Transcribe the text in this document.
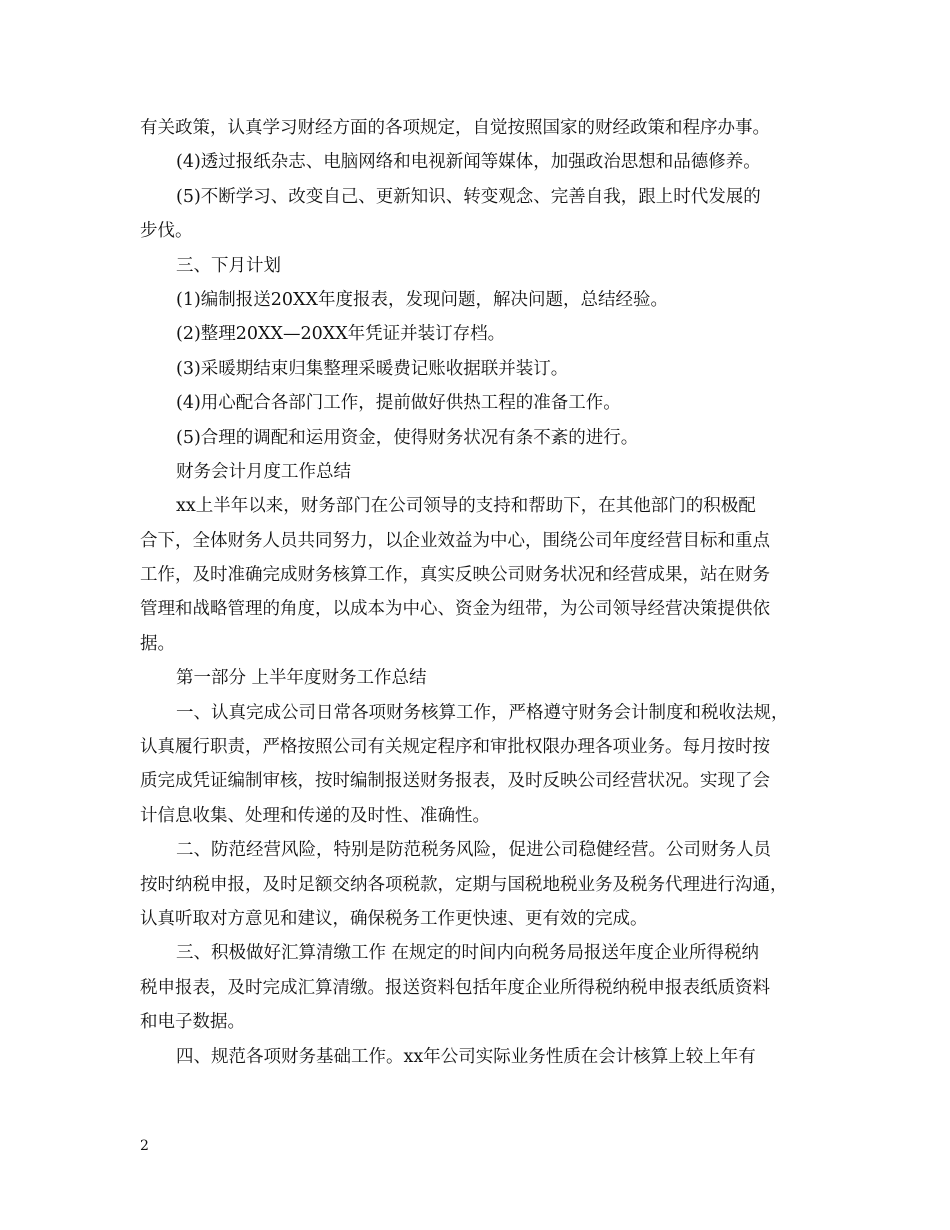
有关政策，认真学习财经方面的各项规定，自觉按照国家的财经政策和程序办事。
(4)透过报纸杂志、电脑网络和电视新闻等媒体，加强政治思想和品德修养。
(5)不断学习、改变自己、更新知识、转变观念、完善自我，跟上时代发展的
步伐。
三、下月计划
(1)编制报送20XX年度报表，发现问题，解决问题，总结经验。
(2)整理20XX—20XX年凭证并装订存档。
(3)采暖期结束归集整理采暖费记账收据联并装订。
(4)用心配合各部门工作，提前做好供热工程的准备工作。
(5)合理的调配和运用资金，使得财务状况有条不紊的进行。
财务会计月度工作总结
xx上半年以来，财务部门在公司领导的支持和帮助下，在其他部门的积极配
合下，全体财务人员共同努力，以企业效益为中心，围绕公司年度经营目标和重点
工作，及时准确完成财务核算工作，真实反映公司财务状况和经营成果，站在财务
管理和战略管理的角度，以成本为中心、资金为纽带，为公司领导经营决策提供依
据。
第一部分 上半年度财务工作总结
一、认真完成公司日常各项财务核算工作，严格遵守财务会计制度和税收法规，
认真履行职责，严格按照公司有关规定程序和审批权限办理各项业务。每月按时按
质完成凭证编制审核，按时编制报送财务报表，及时反映公司经营状况。实现了会
计信息收集、处理和传递的及时性、准确性。
二、防范经营风险，特别是防范税务风险，促进公司稳健经营。公司财务人员
按时纳税申报，及时足额交纳各项税款，定期与国税地税业务及税务代理进行沟通，
认真听取对方意见和建议，确保税务工作更快速、更有效的完成。
三、积极做好汇算清缴工作 在规定的时间内向税务局报送年度企业所得税纳
税申报表，及时完成汇算清缴。报送资料包括年度企业所得税纳税申报表纸质资料
和电子数据。
四、规范各项财务基础工作。xx年公司实际业务性质在会计核算上较上年有
2
